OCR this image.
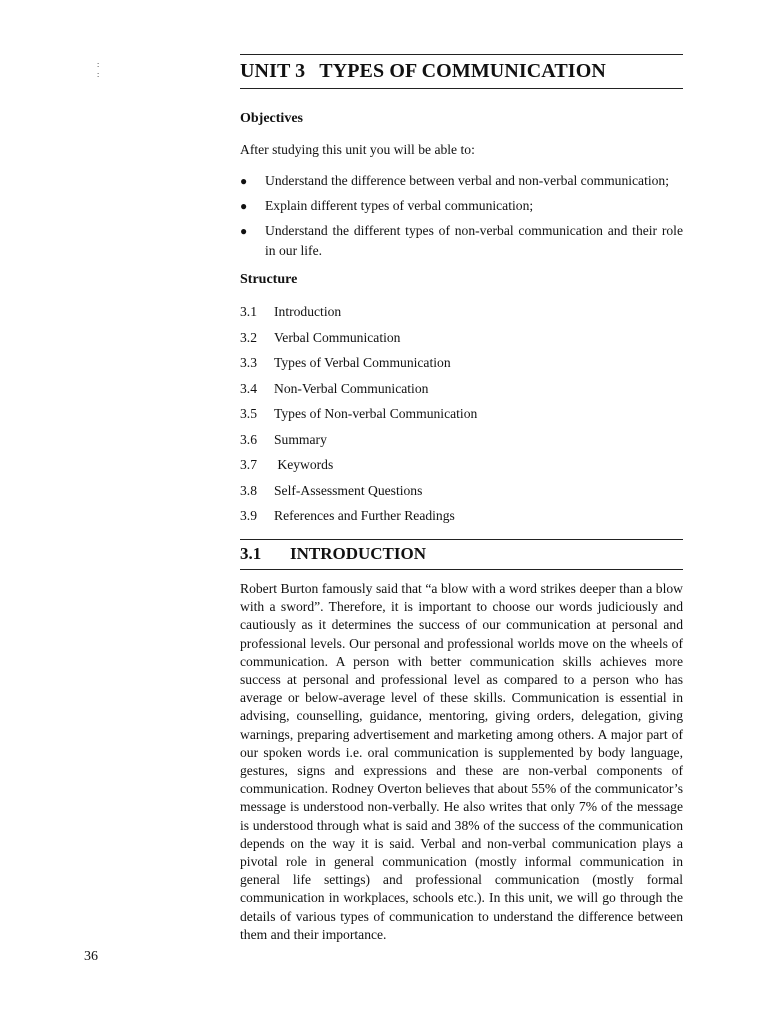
:
:	UNIT 3 TYPES OF COMMUNICATION
Objectives

After studying this unit you will be able to:

● Understand the difference between verbal and non-verbal communication;
● Explain different types of verbal communication;
● Understand the different types of non-verbal communication and their role in our life.
Structure
3.1 Introduction
3.2 Verbal Communication
3.3 Types of Verbal Communication
3.4 Non-Verbal Communication
3.5 Types of Non-verbal Communication
3.6 Summary
3.7 Keywords
3.8 Self-Assessment Questions
3.9 References and Further Readings
3.1 INTRODUCTION

Robert Burton famously said that “a blow with a word strikes deeper than a blow with a sword”. Therefore, it is important to choose our words judiciously and cautiously as it determines the success of our communication at personal and professional levels. Our personal and professional worlds move on the wheels of communication. A person with better communication skills achieves more success at personal and professional level as compared to a person who has average or below-average level of these skills. Communication is essential in advising, counselling, guidance, mentoring, giving orders, delegation, giving warnings, preparing advertisement and marketing among others. A major part of our spoken words i.e. oral communication is supplemented by body language, gestures, signs and expressions and these are non-verbal components of communication. Rodney Overton believes that about 55% of the communicator’s message is understood non-verbally. He also writes that only 7% of the message is understood through what is said and 38% of the success of the communication depends on the way it is said. Verbal and non-verbal communication plays a pivotal role in general communication (mostly informal communication in general life settings) and professional communication (mostly formal communication in workplaces, schools etc.). In this unit, we will go through the details of various types of communication to understand the difference between them and their importance.

36
